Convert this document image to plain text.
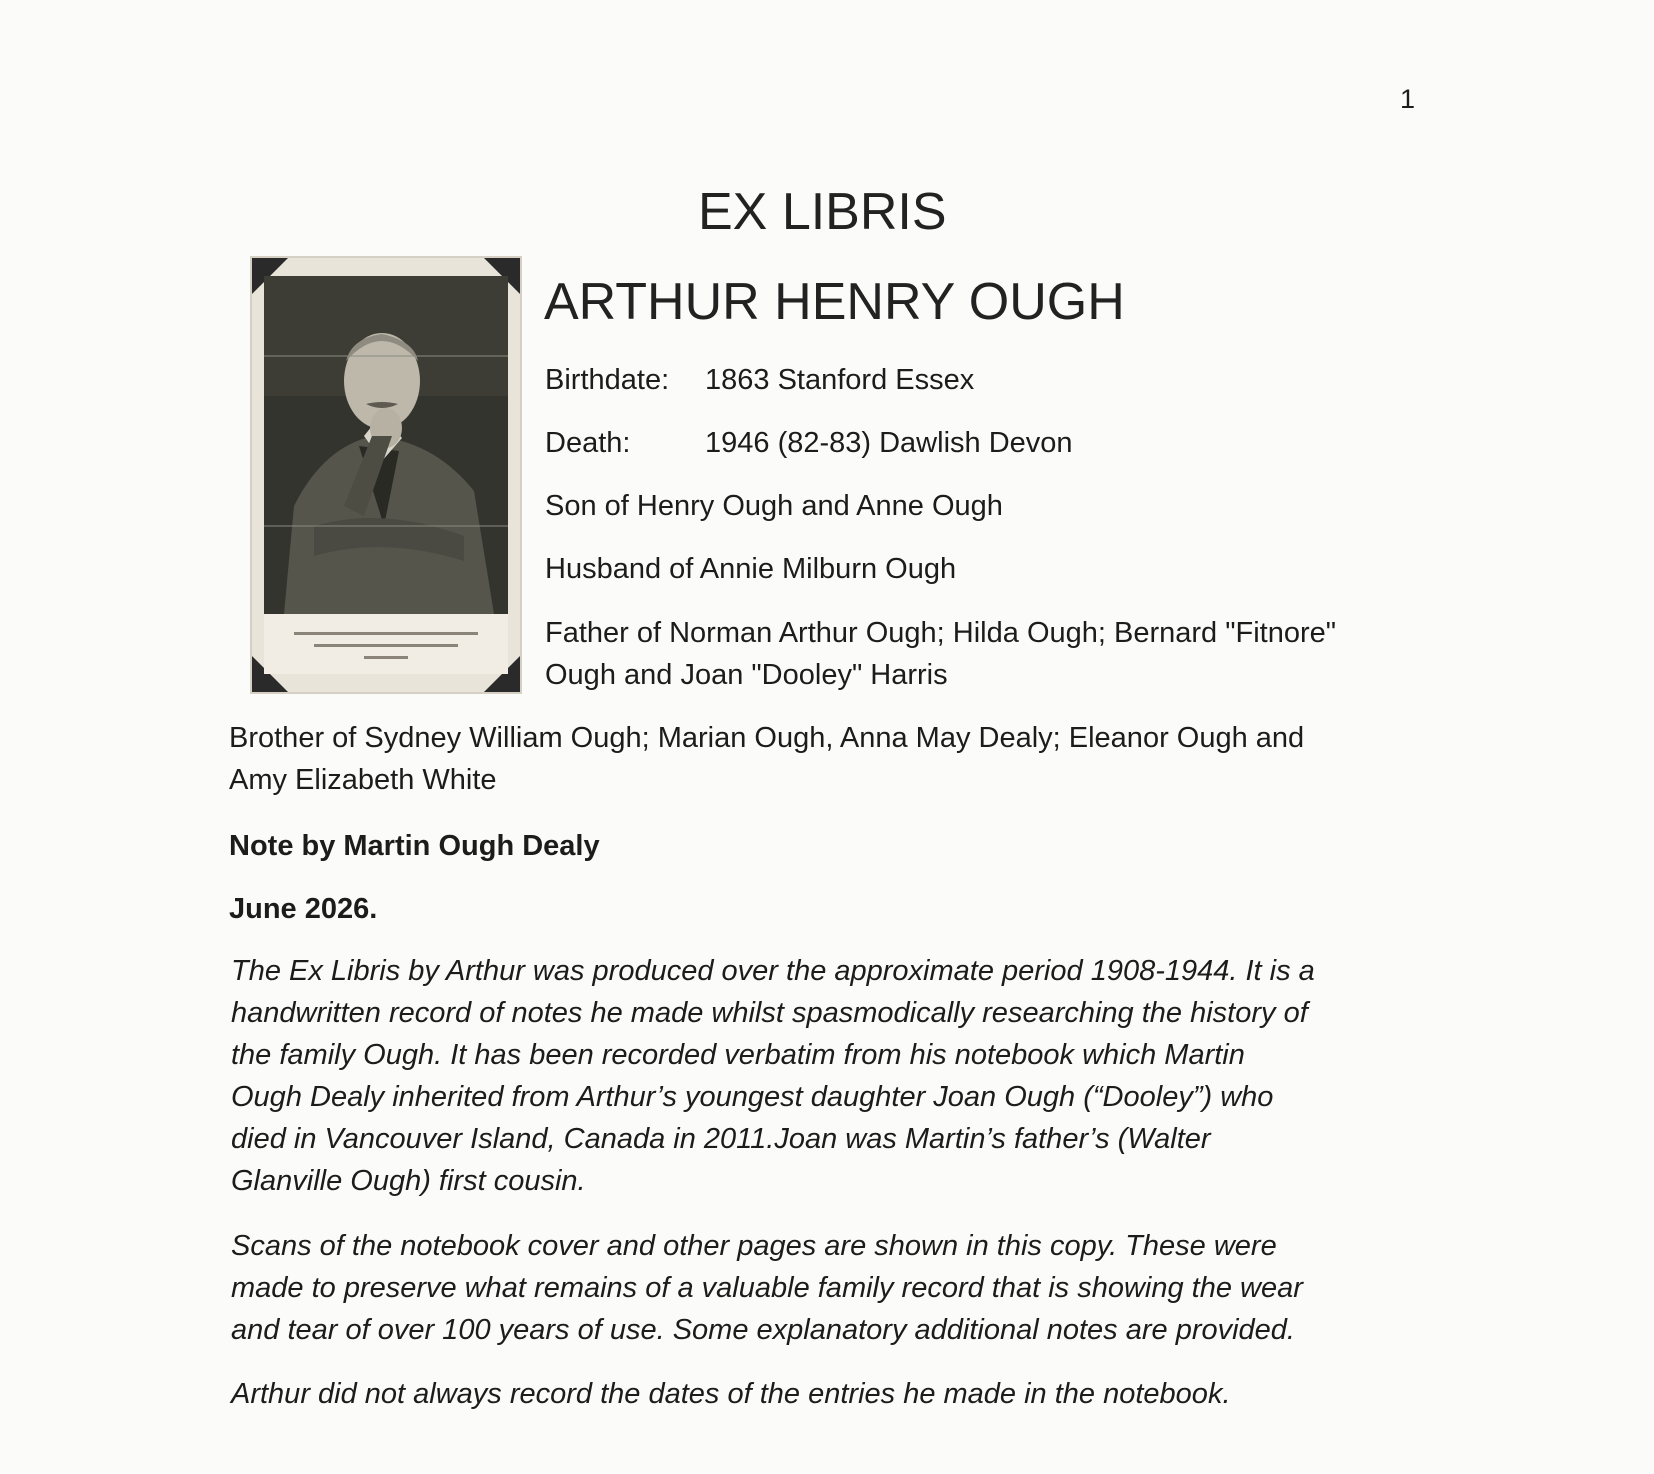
1
EX LIBRIS
ARTHUR HENRY OUGH
Birthdate: 1863 Stanford Essex
Death:	1946 (82-83) Dawlish Devon
Son of Henry Ough and Anne Ough
Husband of Annie Milburn Ough
Father of Norman Arthur Ough; Hilda Ough; Bernard "Fitnore"
Ough and Joan "Dooley" Harris
Brother of Sydney William Ough; Marian Ough, Anna May Dealy; Eleanor Ough and
Amy Elizabeth White
Note by Martin Ough Dealy
June 2026.
The Ex Libris by Arthur was produced over the approximate period 1908-1944. It is a
handwritten record of notes he made whilst spasmodically researching the history of
the family Ough. It has been recorded verbatim from his notebook which Martin
Ough Dealy inherited from Arthur’s youngest daughter Joan Ough (“Dooley”) who
died in Vancouver Island, Canada in 2011.Joan was Martin’s father’s (Walter
Glanville Ough) first cousin.
Scans of the notebook cover and other pages are shown in this copy. These were
made to preserve what remains of a valuable family record that is showing the wear
and tear of over 100 years of use. Some explanatory additional notes are provided.
Arthur did not always record the dates of the entries he made in the notebook.
